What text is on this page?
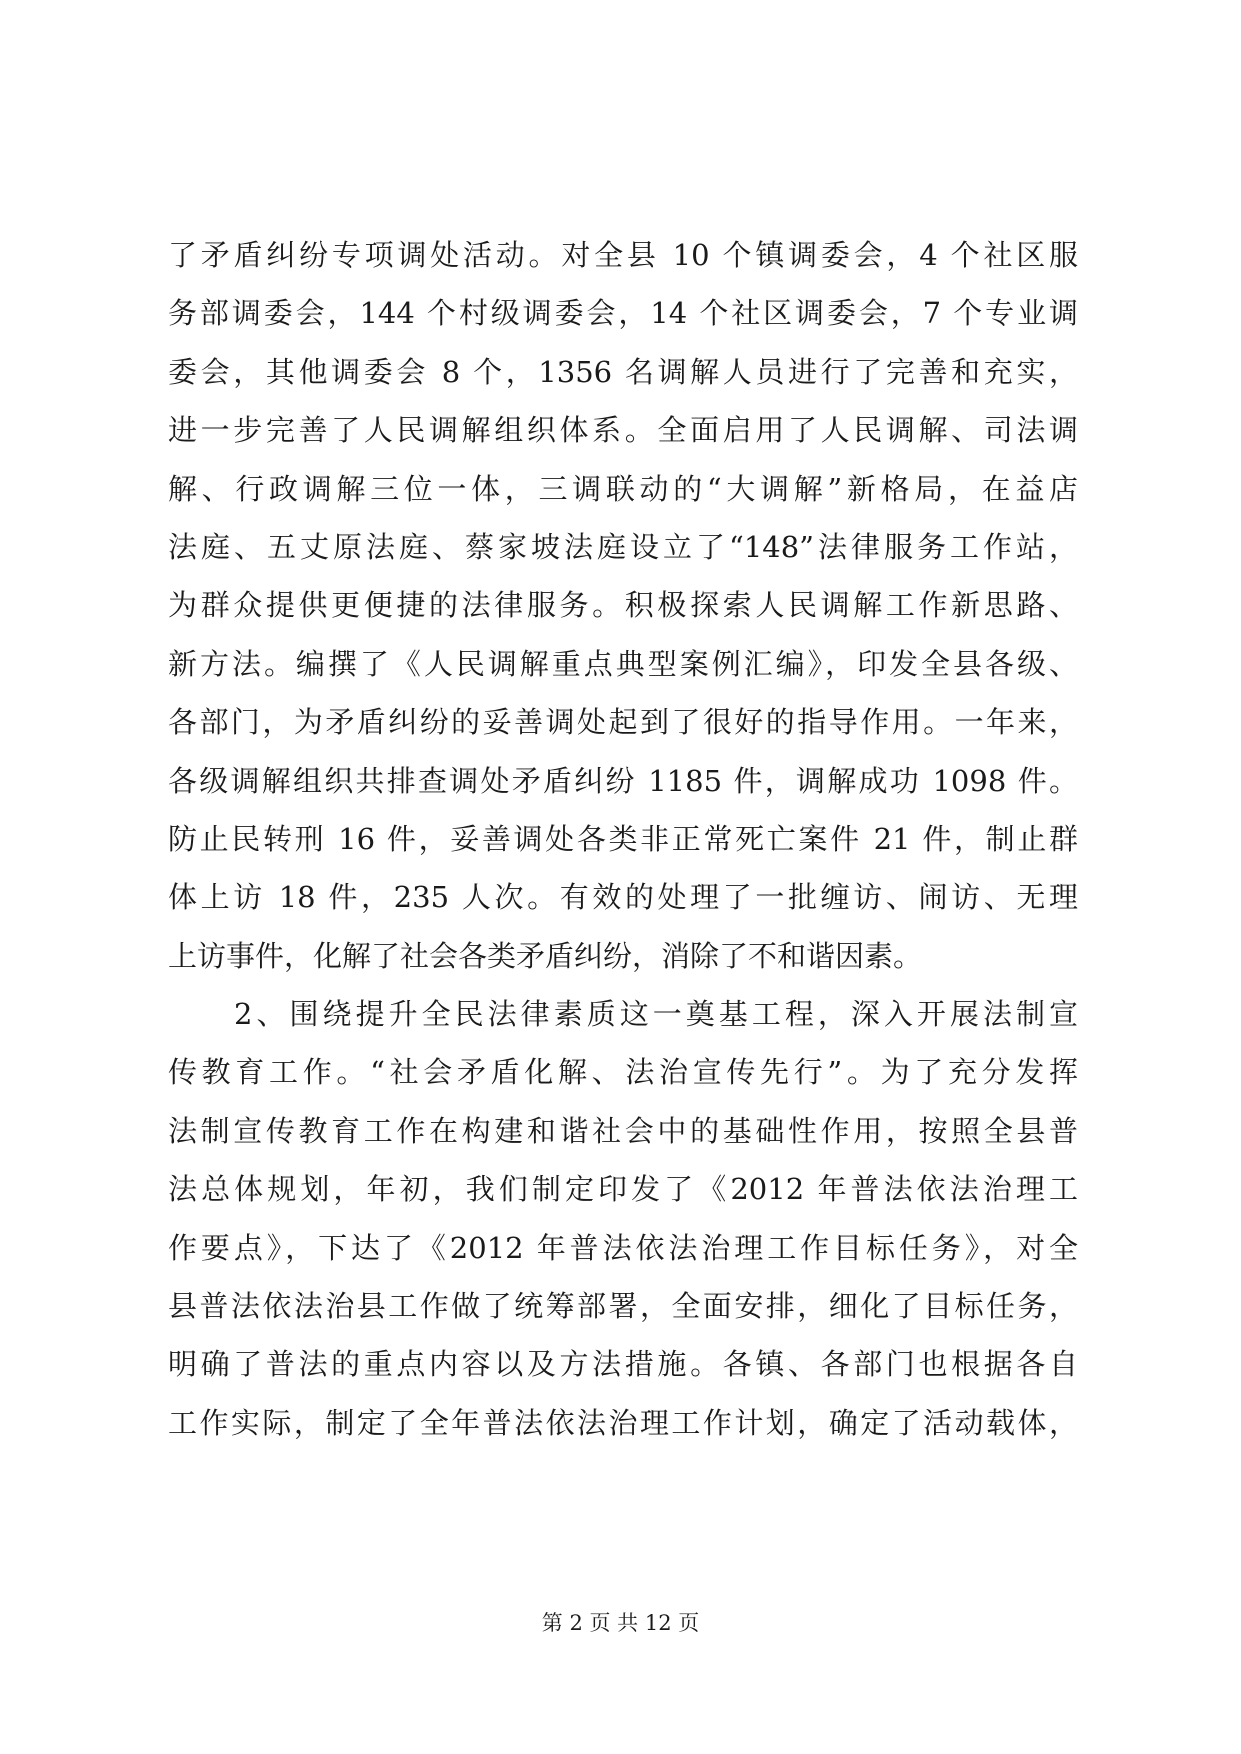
了矛盾纠纷专项调处活动。对全县 10 个镇调委会，4 个社区服
务部调委会，144 个村级调委会，14 个社区调委会，7 个专业调
委会，其他调委会 8 个，1356 名调解人员进行了完善和充实，
进一步完善了人民调解组织体系。全面启用了人民调解、司法调
解、行政调解三位一体，三调联动的“大调解”新格局，在益店
法庭、五丈原法庭、蔡家坡法庭设立了“148”法律服务工作站，
为群众提供更便捷的法律服务。积极探索人民调解工作新思路、
新方法。编撰了《人民调解重点典型案例汇编》，印发全县各级、
各部门，为矛盾纠纷的妥善调处起到了很好的指导作用。一年来，
各级调解组织共排查调处矛盾纠纷 1185 件，调解成功 1098 件。
防止民转刑 16 件，妥善调处各类非正常死亡案件 21 件，制止群
体上访 18 件，235 人次。有效的处理了一批缠访、闹访、无理
上访事件，化解了社会各类矛盾纠纷，消除了不和谐因素。
　　2、围绕提升全民法律素质这一奠基工程，深入开展法制宣
传教育工作。“社会矛盾化解、法治宣传先行”。为了充分发挥
法制宣传教育工作在构建和谐社会中的基础性作用，按照全县普
法总体规划，年初，我们制定印发了《2012 年普法依法治理工
作要点》，下达了《2012 年普法依法治理工作目标任务》，对全
县普法依法治县工作做了统筹部署，全面安排，细化了目标任务，
明确了普法的重点内容以及方法措施。各镇、各部门也根据各自
工作实际，制定了全年普法依法治理工作计划，确定了活动载体，
第 2 页 共 12 页
